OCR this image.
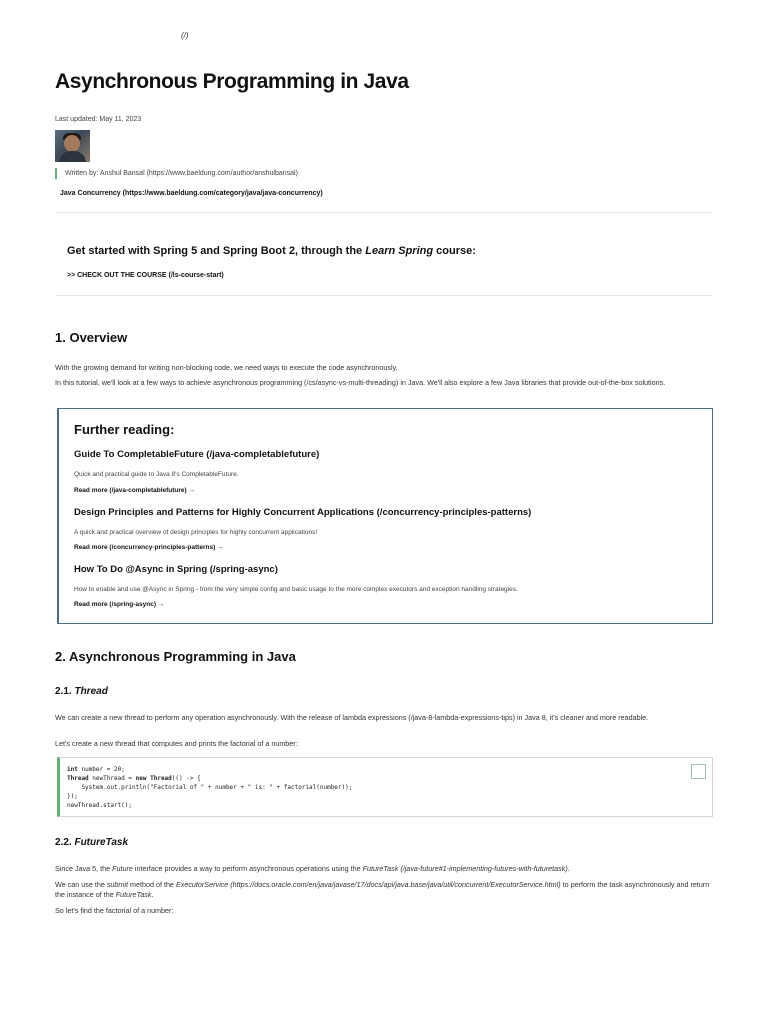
(/)
Asynchronous Programming in Java
Last updated: May 11, 2023
Written by: Anshul Bansal (https://www.baeldung.com/author/anshulbansal)
Java Concurrency (https://www.baeldung.com/category/java/java-concurrency)
Get started with Spring 5 and Spring Boot 2, through the Learn Spring course:
>> CHECK OUT THE COURSE (/ls-course-start)
1. Overview

With the growing demand for writing non-blocking code, we need ways to execute the code asynchronously.

In this tutorial, we'll look at a few ways to achieve asynchronous programming (/cs/async-vs-multi-threading) in Java. We'll also explore a few Java libraries that provide out-of-the-box solutions.

Further reading:
Guide To CompletableFuture (/java-completablefuture)
Quick and practical guide to Java 8's CompletableFuture.
Read more (/java-completablefuture) →
Design Principles and Patterns for Highly Concurrent Applications (/concurrency-principles-patterns)
A quick and practical overview of design principles for highly concurrent applications!
Read more (/concurrency-principles-patterns) →
How To Do @Async in Spring (/spring-async)
How to enable and use @Async in Spring - from the very simple config and basic usage to the more complex executors and exception handling strategies.
Read more (/spring-async) →
2. Asynchronous Programming in Java
2.1. Thread

We can create a new thread to perform any operation asynchronously. With the release of lambda expressions (/java-8-lambda-expressions-tips) in Java 8, it's cleaner and more readable.

Let's create a new thread that computes and prints the factorial of a number:

int number = 20;
Thread newThread = new Thread(() -> {
System.out.println("Factorial of " + number + " is: " + factorial(number));
});
newThread.start();
2.2. FutureTask

Since Java 5, the Future interface provides a way to perform asynchronous operations using the FutureTask (/java-future#1-implementing-futures-with-futuretask).

We can use the submit method of the ExecutorService (https://docs.oracle.com/en/java/javase/17/docs/api/java.base/java/util/concurrent/ExecutorService.html) to perform the task asynchronously and return the instance of the FutureTask.

So let's find the factorial of a number:
